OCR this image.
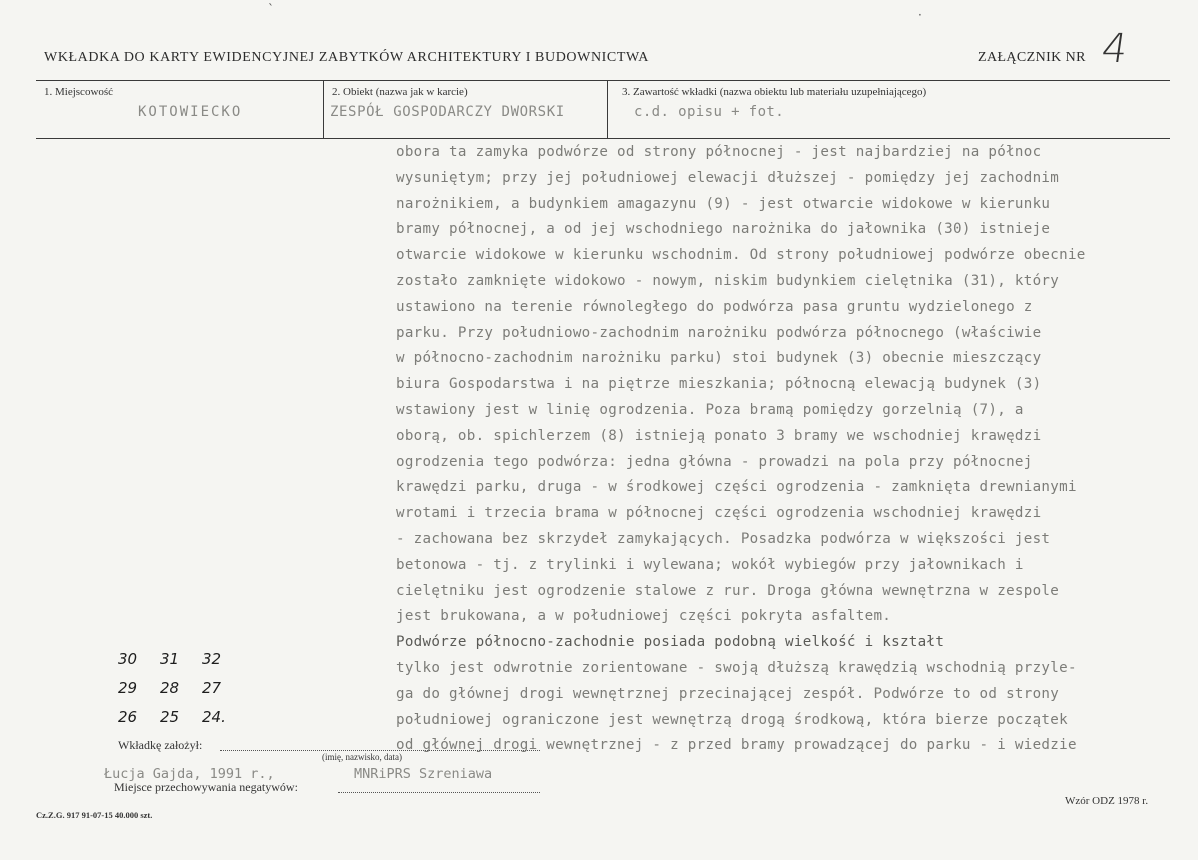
`	·
WKŁADKA DO KARTY EWIDENCYJNEJ ZABYTKÓW ARCHITEKTURY I BUDOWNICTWA	ZAŁĄCZNIK NR 4
1. Miejscowość	2. Obiekt (nazwa jak w karcie)	3. Zawartość wkładki (nazwa obiektu lub materiału uzupełniającego)
KOTOWIECKO	ZESPÓŁ GOSPODARCZY DWORSKI	c.d. opisu + fot.
obora ta zamyka podwórze od strony północnej - jest najbardziej na północ
wysuniętym; przy jej południowej elewacji dłuższej - pomiędzy jej zachodnim
narożnikiem, a budynkiem amagazynu (9) - jest otwarcie widokowe w kierunku
bramy północnej, a od jej wschodniego narożnika do jałownika (30) istnieje
otwarcie widokowe w kierunku wschodnim. Od strony południowej podwórze obecnie
zostało zamknięte widokowo - nowym, niskim budynkiem cielętnika (31), który
ustawiono na terenie równoległego do podwórza pasa gruntu wydzielonego z
parku. Przy południowo-zachodnim narożniku podwórza północnego (właściwie
w północno-zachodnim narożniku parku) stoi budynek (3) obecnie mieszczący
biura Gospodarstwa i na piętrze mieszkania; północną elewacją budynek (3)
wstawiony jest w linię ogrodzenia. Poza bramą pomiędzy gorzelnią (7), a
oborą, ob. spichlerzem (8) istnieją ponato 3 bramy we wschodniej krawędzi
ogrodzenia tego podwórza: jedna główna - prowadzi na pola przy północnej
krawędzi parku, druga - w środkowej części ogrodzenia - zamknięta drewnianymi
wrotami i trzecia brama w północnej części ogrodzenia wschodniej krawędzi
- zachowana bez skrzydeł zamykających. Posadzka podwórza w większości jest
betonowa - tj. z trylinki i wylewana; wokół wybiegów przy jałownikach i
cielętniku jest ogrodzenie stalowe z rur. Droga główna wewnętrzna w zespole
jest brukowana, a w południowej części pokryta asfaltem.
Podwórze północno-zachodnie posiada podobną wielkość i kształt
tylko jest odwrotnie zorientowane - swoją dłuższą krawędzią wschodnią przyle-
ga do głównej drogi wewnętrznej przecinającej zespół. Podwórze to od strony
południowej ograniczone jest wewnętrzą drogą środkową, która bierze początek
od głównej drogi wewnętrznej - z przed bramy prowadzącej do parku - i wiedzie
30	31	32
29	28	27
26	25	24.
Wkładkę założył:
(imię, nazwisko, data)
Łucja Gajda, 1991 r.,	MNRiPRS Szreniawa
Miejsce przechowywania negatywów:
Cz.Z.G. 917 91-07-15 40.000 szt.
Wzór ODZ 1978 r.
